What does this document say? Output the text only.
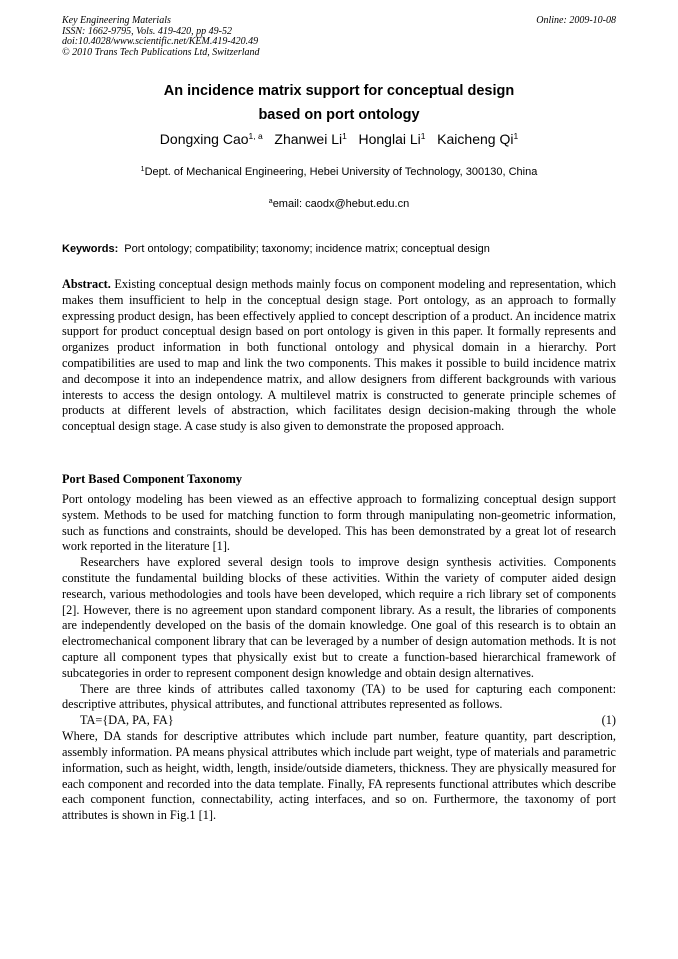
Key Engineering Materials
ISSN: 1662-9795, Vols. 419-420, pp 49-52
doi:10.4028/www.scientific.net/KEM.419-420.49
© 2010 Trans Tech Publications Ltd, Switzerland
Online: 2009-10-08
An incidence matrix support for conceptual design
based on port ontology
Dongxing Cao$^{1, a}$ Zhanwei Li$^1$ Honglai Li$^1$ Kaicheng Qi$^1$
$^1$Dept. of Mechanical Engineering, Hebei University of Technology, 300130, China
$^a$email: caodx@hebut.edu.cn
Keywords: Port ontology; compatibility; taxonomy; incidence matrix; conceptual design
Abstract. Existing conceptual design methods mainly focus on component modeling and representation, which makes them insufficient to help in the conceptual design stage. Port ontology, as an approach to formally expressing product design, has been effectively applied to concept description of a product. An incidence matrix support for product conceptual design based on port ontology is given in this paper. It formally represents and organizes product information in both functional ontology and physical domain in a hierarchy. Port compatibilities are used to map and link the two components. This makes it possible to build incidence matrix and decompose it into an independence matrix, and allow designers from different backgrounds with various interests to access the design ontology. A multilevel matrix is constructed to generate principle schemes of products at different levels of abstraction, which facilitates design decision-making through the whole conceptual design stage. A case study is also given to demonstrate the proposed approach.
Port Based Component Taxonomy

Port ontology modeling has been viewed as an effective approach to formalizing conceptual design support system. Methods to be used for matching function to form through manipulating non-geometric information, such as functions and constraints, should be developed. This has been demonstrated by a great lot of research work reported in the literature [1].

Researchers have explored several design tools to improve design synthesis activities. Components constitute the fundamental building blocks of these activities. Within the variety of computer aided design research, various methodologies and tools have been developed, which require a rich library set of components [2]. However, there is no agreement upon standard component library. As a result, the libraries of components are independently developed on the basis of the domain knowledge. One goal of this research is to obtain an electromechanical component library that can be leveraged by a number of design automation methods. It is not capture all component types that physically exist but to create a function-based hierarchical framework of subcategories in order to represent component design knowledge and obtain design alternatives.

There are three kinds of attributes called taxonomy (TA) to be used for capturing each component: descriptive attributes, physical attributes, and functional attributes represented as follows.

TA={DA, PA, FA}	(1)

Where, DA stands for descriptive attributes which include part number, feature quantity, part description, assembly information. PA means physical attributes which include part weight, type of materials and parametric information, such as height, width, length, inside/outside diameters, thickness. They are physically measured for each component and recorded into the data template. Finally, FA represents functional attributes which describe each component function, connectability, acting interfaces, and so on. Furthermore, the taxonomy of port attributes is shown in Fig.1 [1].
